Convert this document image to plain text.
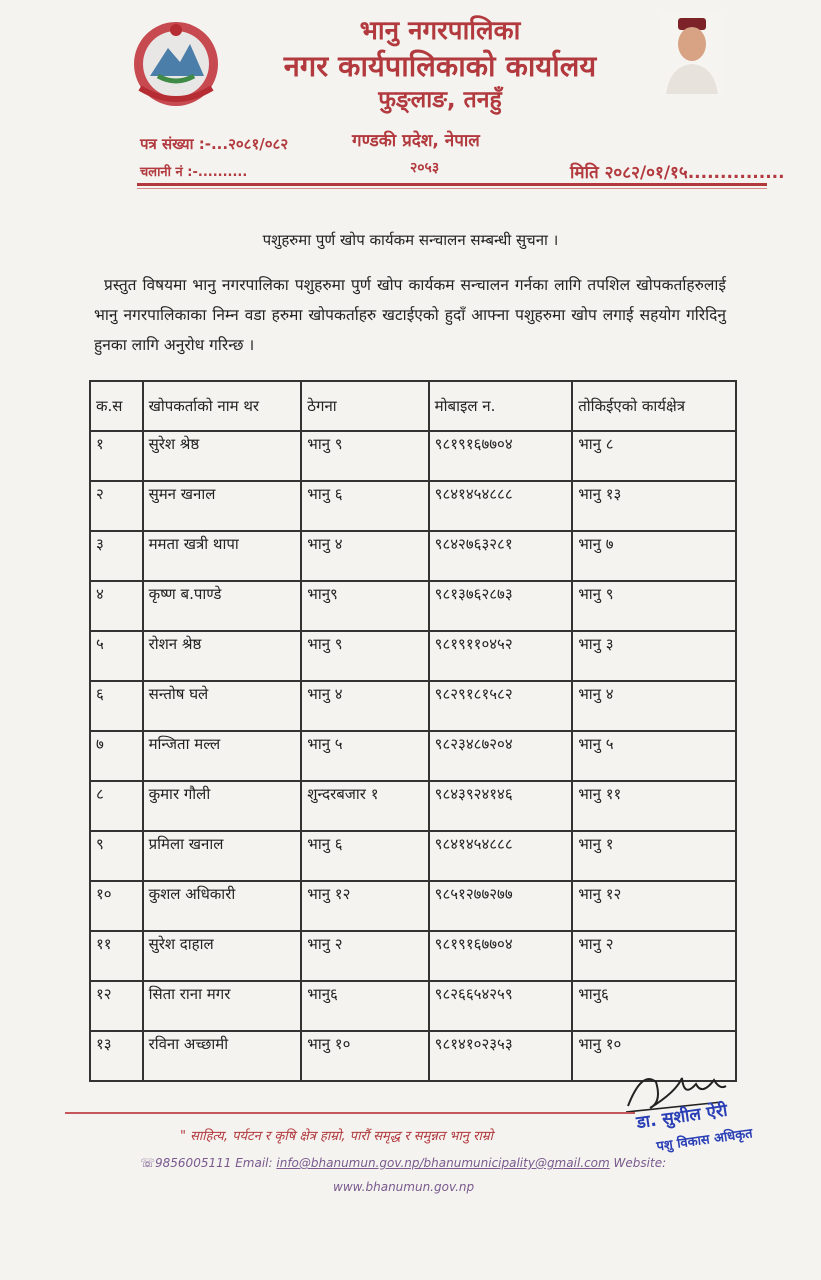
भानु नगरपालिका
नगर कार्यपालिकाको कार्यालय
फुङ्लाङ, तनहुँ
पत्र संख्या :-...२०८१/०८२
चलानी नं :-..........
गण्डकी प्रदेश, नेपाल
२०५३	मिति २०८२/०१/१५...............
पशुहरुमा पुर्ण खोप कार्यकम सन्चालन सम्बन्धी सुचना ।
प्रस्तुत विषयमा भानु नगरपालिका पशुहरुमा पुर्ण खोप कार्यकम सन्चालन गर्नका लागि तपशिल खोपकर्ताहरुलाई भानु नगरपालिकाका निम्न वडा हरुमा खोपकर्ताहरु खटाईएको हुदाँ आफ्ना पशुहरुमा खोप लगाई सहयोग गरिदिनु हुनका लागि अनुरोध गरिन्छ ।
क.स	खोपकर्ताको नाम थर	ठेगना	मोबाइल न.	तोकिईएको कार्यक्षेत्र
१	सुरेश श्रेष्ठ	भानु ९	९८१९१६७७०४	भानु ८
२	सुमन खनाल	भानु ६	९८४१४५४८८८	भानु १३
३	ममता खत्री थापा	भानु ४	९८४२७६३२८१	भानु ७
४	कृष्ण ब.पाण्डे	भानु९	९८१३७६२८७३	भानु ९
५	रोशन श्रेष्ठ	भानु ९	९८१९११०४५२	भानु ३
६	सन्तोष घले	भानु ४	९८२९१८१५८२	भानु ४
७	मन्जिता मल्ल	भानु ५	९८२३४८७२०४	भानु ५
८	कुमार गौली	शुन्दरबजार १	९८४३९२४१४६	भानु ११
९	प्रमिला खनाल	भानु ६	९८४१४५४८८८	भानु १
१०	कुशल अधिकारी	भानु १२	९८५१२७७२७७	भानु १२
११	सुरेश दाहाल	भानु २	९८१९१६७७०४	भानु २
१२	सिता राना मगर	भानु६	९८२६६५४२५९	भानु६
१३	रविना अच्छामी	भानु १०	९८१४१०२३५३	भानु १०
" साहित्य, पर्यटन र कृषि क्षेत्र हाम्रो, पारौं समृद्ध र समुन्नत भानु राम्रो
डा. सुशील ऐरी
पशु विकास अधिकृत
☏9856005111 Email: info@bhanumun.gov.np/bhanumunicipality@gmail.com Website:
www.bhanumun.gov.np
